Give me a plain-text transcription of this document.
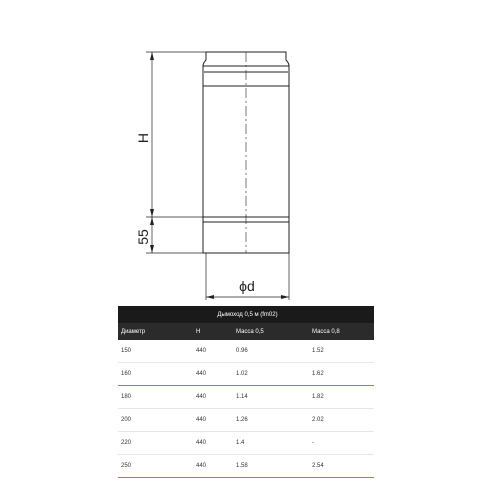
H
55
ϕd
Дымоход 0,5 м (fm02)			
Диаметр	H	Масса 0,5	Масса 0,8
150	440	0.96	1.52
160	440	1.02	1.62
180	440	1.14	1.82
200	440	1.26	2.02
220	440	1.4	-
250	440	1.58	2.54
